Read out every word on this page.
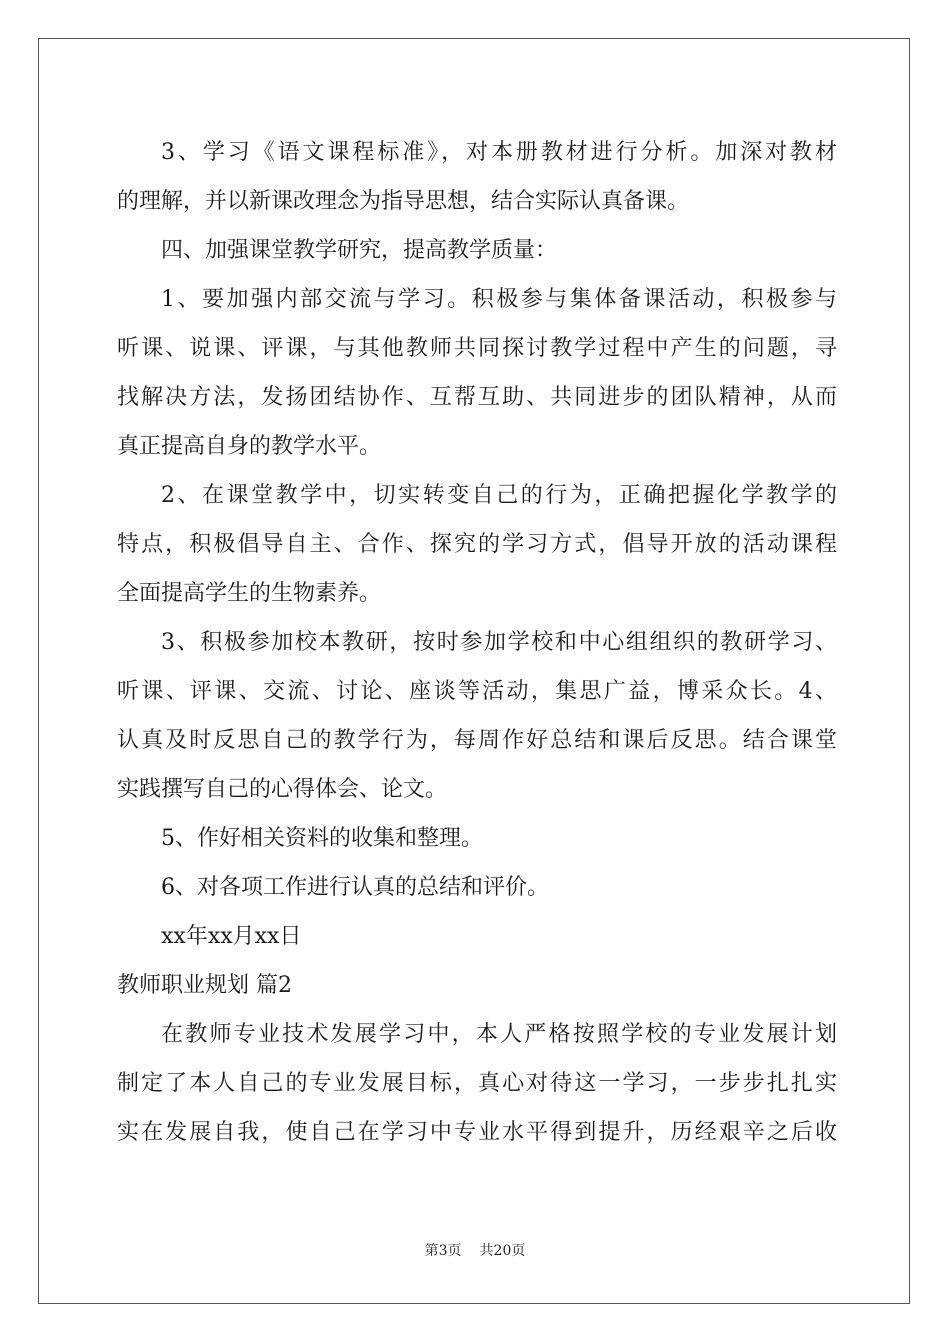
3、学习《语文课程标准》，对本册教材进行分析。加深对教材
的理解，并以新课改理念为指导思想，结合实际认真备课。
四、加强课堂教学研究，提高教学质量：
1、要加强内部交流与学习。积极参与集体备课活动，积极参与
听课、说课、评课，与其他教师共同探讨教学过程中产生的问题，寻
找解决方法，发扬团结协作、互帮互助、共同进步的团队精神，从而
真正提高自身的教学水平。
2、在课堂教学中，切实转变自己的行为，正确把握化学教学的
特点，积极倡导自主、合作、探究的学习方式，倡导开放的活动课程
全面提高学生的生物素养。
3、积极参加校本教研，按时参加学校和中心组组织的教研学习、
听课、评课、交流、讨论、座谈等活动，集思广益，博采众长。4、
认真及时反思自己的教学行为，每周作好总结和课后反思。结合课堂
实践撰写自己的心得体会、论文。
5、作好相关资料的收集和整理。
6、对各项工作进行认真的总结和评价。
xx年xx月xx日
教师职业规划 篇2
在教师专业技术发展学习中，本人严格按照学校的专业发展计划
制定了本人自己的专业发展目标，真心对待这一学习，一步步扎扎实
实在发展自我，使自己在学习中专业水平得到提升，历经艰辛之后收
第3页 共20页
